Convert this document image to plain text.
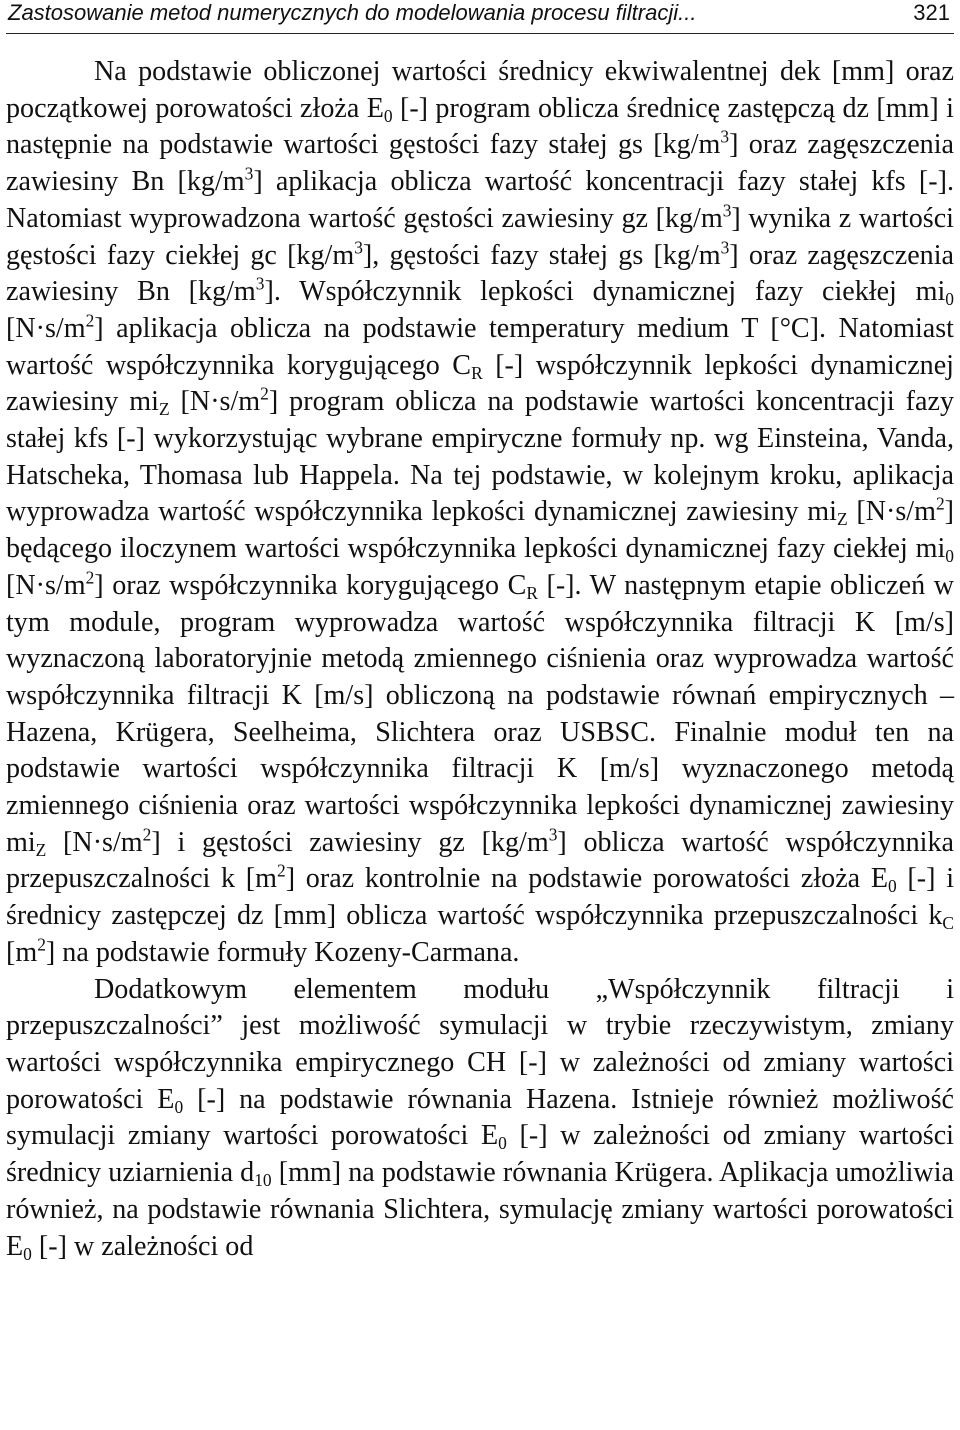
Zastosowanie metod numerycznych do modelowania procesu filtracji...	321

Na podstawie obliczonej wartości średnicy ekwiwalentnej dek [mm] oraz początkowej porowatości złoża $E_0$ [-] program oblicza średnicę zastępczą dz [mm] i następnie na podstawie wartości gęstości fazy stałej gs $[kg/m^3]$ oraz zagęszczenia zawiesiny Bn $[kg/m^3]$ aplikacja oblicza wartość koncentracji fazy stałej kfs [-]. Natomiast wyprowadzona wartość gęstości zawiesiny gz $[kg/m^3]$ wynika z wartości gęstości fazy ciekłej gc $[kg/m^3]$, gęstości fazy stałej gs $[kg/m^3]$ oraz zagęszczenia zawiesiny Bn $[kg/m^3]$. Współczynnik lepkości dynamicznej fazy ciekłej $mi_0$ $[N\cdot s/m^2]$ aplikacja oblicza na podstawie temperatury medium T [°C]. Natomiast wartość współczynnika korygującego $C_R$ [-] współczynnik lepkości dynamicznej zawiesiny $mi_Z$ $[N\cdot s/m^2]$ program oblicza na podstawie wartości koncentracji fazy stałej kfs [-] wykorzystując wybrane empiryczne formuły np. wg Einsteina, Vanda, Hatscheka, Thomasa lub Happela. Na tej podstawie, w kolejnym kroku, aplikacja wyprowadza wartość współczynnika lepkości dynamicznej zawiesiny $mi_Z$ $[N\cdot s/m^2]$ będącego iloczynem wartości współczynnika lepkości dynamicznej fazy ciekłej $mi_0$ $[N\cdot s/m^2]$ oraz współczynnika korygującego $C_R$ [-]. W następnym etapie obliczeń w tym module, program wyprowadza wartość współczynnika filtracji K [m/s] wyznaczoną laboratoryjnie metodą zmiennego ciśnienia oraz wyprowadza wartość współczynnika filtracji K [m/s] obliczoną na podstawie równań empirycznych – Hazena, Krügera, Seelheima, Slichtera oraz USBSC. Finalnie moduł ten na podstawie wartości współczynnika filtracji K [m/s] wyznaczonego metodą zmiennego ciśnienia oraz wartości współczynnika lepkości dynamicznej zawiesiny $mi_Z$ $[N\cdot s/m^2]$ i gęstości zawiesiny gz $[kg/m^3]$ oblicza wartość współczynnika przepuszczalności k $[m^2]$ oraz kontrolnie na podstawie porowatości złoża $E_0$ [-] i średnicy zastępczej dz [mm] oblicza wartość współczynnika przepuszczalności $k_C$ $[m^2]$ na podstawie formuły Kozeny-Carmana.

Dodatkowym elementem modułu „Współczynnik filtracji i przepuszczalności” jest możliwość symulacji w trybie rzeczywistym, zmiany wartości współczynnika empirycznego CH [-] w zależności od zmiany wartości porowatości $E_0$ [-] na podstawie równania Hazena. Istnieje również możliwość symulacji zmiany wartości porowatości $E_0$ [-] w zależności od zmiany wartości średnicy uziarnienia $d_{10}$ [mm] na podstawie równania Krügera. Aplikacja umożliwia również, na podstawie równania Slichtera, symulację zmiany wartości porowatości $E_0$ [-] w zależności od
